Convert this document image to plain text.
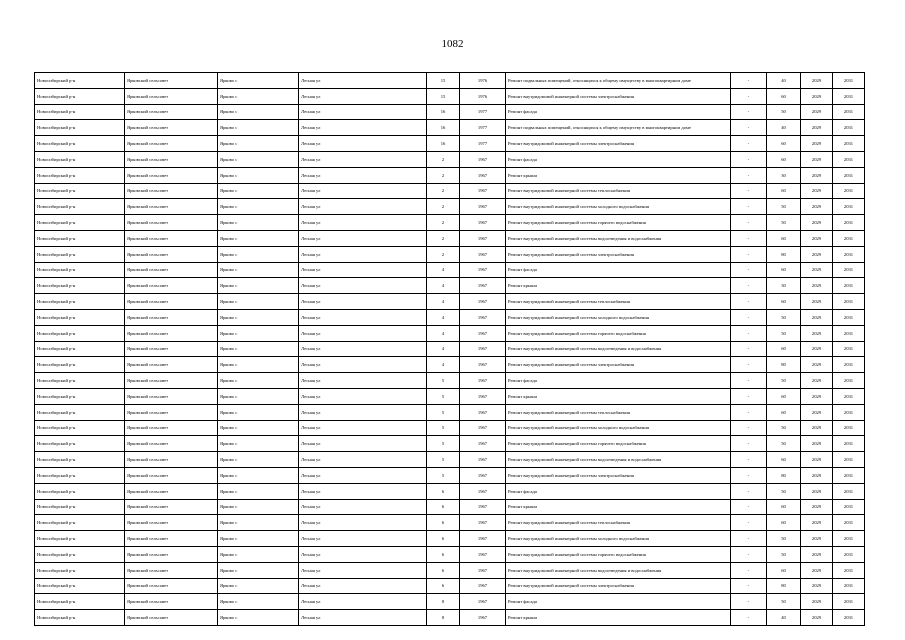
1082
Новосибирский р-н	Ярковский сельсовет	Ярково с	Лесная ул	15	1976	Ремонт подвальных помещений, относящихся к общему имуществу в многоквартирном доме	-	40	2029	2031
Новосибирский р-н	Ярковский сельсовет	Ярково с	Лесная ул	15	1976	Ремонт внутридомовой инженерной системы электроснабжения	-	60	2029	2031
Новосибирский р-н	Ярковский сельсовет	Ярково с	Лесная ул	16	1977	Ремонт фасада	-	50	2029	2031
Новосибирский р-н	Ярковский сельсовет	Ярково с	Лесная ул	16	1977	Ремонт подвальных помещений, относящихся к общему имуществу в многоквартирном доме	-	40	2029	2031
Новосибирский р-н	Ярковский сельсовет	Ярково с	Лесная ул	16	1977	Ремонт внутридомовой инженерной системы электроснабжения	-	60	2029	2031
Новосибирский р-н	Ярковский сельсовет	Ярково с	Лесная ул	2	1967	Ремонт фасада	-	60	2029	2031
Новосибирский р-н	Ярковский сельсовет	Ярково с	Лесная ул	2	1967	Ремонт крыши	-	30	2029	2031
Новосибирский р-н	Ярковский сельсовет	Ярково с	Лесная ул	2	1967	Ремонт внутридомовой инженерной системы теплоснабжения	-	60	2029	2031
Новосибирский р-н	Ярковский сельсовет	Ярково с	Лесная ул	2	1967	Ремонт внутридомовой инженерной системы холодного водоснабжения	-	50	2029	2031
Новосибирский р-н	Ярковский сельсовет	Ярково с	Лесная ул	2	1967	Ремонт внутридомовой инженерной системы горячего водоснабжения	-	50	2029	2031
Новосибирский р-н	Ярковский сельсовет	Ярково с	Лесная ул	2	1967	Ремонт внутридомовой инженерной системы водоотведения и водоснабжения	-	60	2029	2031
Новосибирский р-н	Ярковский сельсовет	Ярково с	Лесная ул	2	1967	Ремонт внутридомовой инженерной системы электроснабжения	-	80	2029	2031
Новосибирский р-н	Ярковский сельсовет	Ярково с	Лесная ул	4	1967	Ремонт фасада	-	60	2029	2031
Новосибирский р-н	Ярковский сельсовет	Ярково с	Лесная ул	4	1967	Ремонт крыши	-	30	2029	2031
Новосибирский р-н	Ярковский сельсовет	Ярково с	Лесная ул	4	1967	Ремонт внутридомовой инженерной системы теплоснабжения	-	60	2029	2031
Новосибирский р-н	Ярковский сельсовет	Ярково с	Лесная ул	4	1967	Ремонт внутридомовой инженерной системы холодного водоснабжения	-	50	2029	2031
Новосибирский р-н	Ярковский сельсовет	Ярково с	Лесная ул	4	1967	Ремонт внутридомовой инженерной системы горячего водоснабжения	-	50	2029	2031
Новосибирский р-н	Ярковский сельсовет	Ярково с	Лесная ул	4	1967	Ремонт внутридомовой инженерной системы водоотведения и водоснабжения	-	60	2029	2031
Новосибирский р-н	Ярковский сельсовет	Ярково с	Лесная ул	4	1967	Ремонт внутридомовой инженерной системы электроснабжения	-	80	2029	2031
Новосибирский р-н	Ярковский сельсовет	Ярково с	Лесная ул	5	1967	Ремонт фасада	-	50	2029	2031
Новосибирский р-н	Ярковский сельсовет	Ярково с	Лесная ул	5	1967	Ремонт крыши	-	60	2029	2031
Новосибирский р-н	Ярковский сельсовет	Ярково с	Лесная ул	5	1967	Ремонт внутридомовой инженерной системы теплоснабжения	-	60	2029	2031
Новосибирский р-н	Ярковский сельсовет	Ярково с	Лесная ул	5	1967	Ремонт внутридомовой инженерной системы холодного водоснабжения	-	50	2029	2031
Новосибирский р-н	Ярковский сельсовет	Ярково с	Лесная ул	5	1967	Ремонт внутридомовой инженерной системы горячего водоснабжения	-	50	2029	2031
Новосибирский р-н	Ярковский сельсовет	Ярково с	Лесная ул	5	1967	Ремонт внутридомовой инженерной системы водоотведения и водоснабжения	-	60	2029	2031
Новосибирский р-н	Ярковский сельсовет	Ярково с	Лесная ул	5	1967	Ремонт внутридомовой инженерной системы электроснабжения	-	80	2029	2031
Новосибирский р-н	Ярковский сельсовет	Ярково с	Лесная ул	6	1967	Ремонт фасада	-	50	2029	2031
Новосибирский р-н	Ярковский сельсовет	Ярково с	Лесная ул	6	1967	Ремонт крыши	-	60	2029	2031
Новосибирский р-н	Ярковский сельсовет	Ярково с	Лесная ул	6	1967	Ремонт внутридомовой инженерной системы теплоснабжения	-	60	2029	2031
Новосибирский р-н	Ярковский сельсовет	Ярково с	Лесная ул	6	1967	Ремонт внутридомовой инженерной системы холодного водоснабжения	-	50	2029	2031
Новосибирский р-н	Ярковский сельсовет	Ярково с	Лесная ул	6	1967	Ремонт внутридомовой инженерной системы горячего водоснабжения	-	50	2029	2031
Новосибирский р-н	Ярковский сельсовет	Ярково с	Лесная ул	6	1967	Ремонт внутридомовой инженерной системы водоотведения и водоснабжения	-	60	2029	2031
Новосибирский р-н	Ярковский сельсовет	Ярково с	Лесная ул	6	1967	Ремонт внутридомовой инженерной системы электроснабжения	-	80	2029	2031
Новосибирский р-н	Ярковский сельсовет	Ярково с	Лесная ул	8	1967	Ремонт фасада	-	50	2029	2031
Новосибирский р-н	Ярковский сельсовет	Ярково с	Лесная ул	8	1967	Ремонт крыши	-	40	2029	2031
